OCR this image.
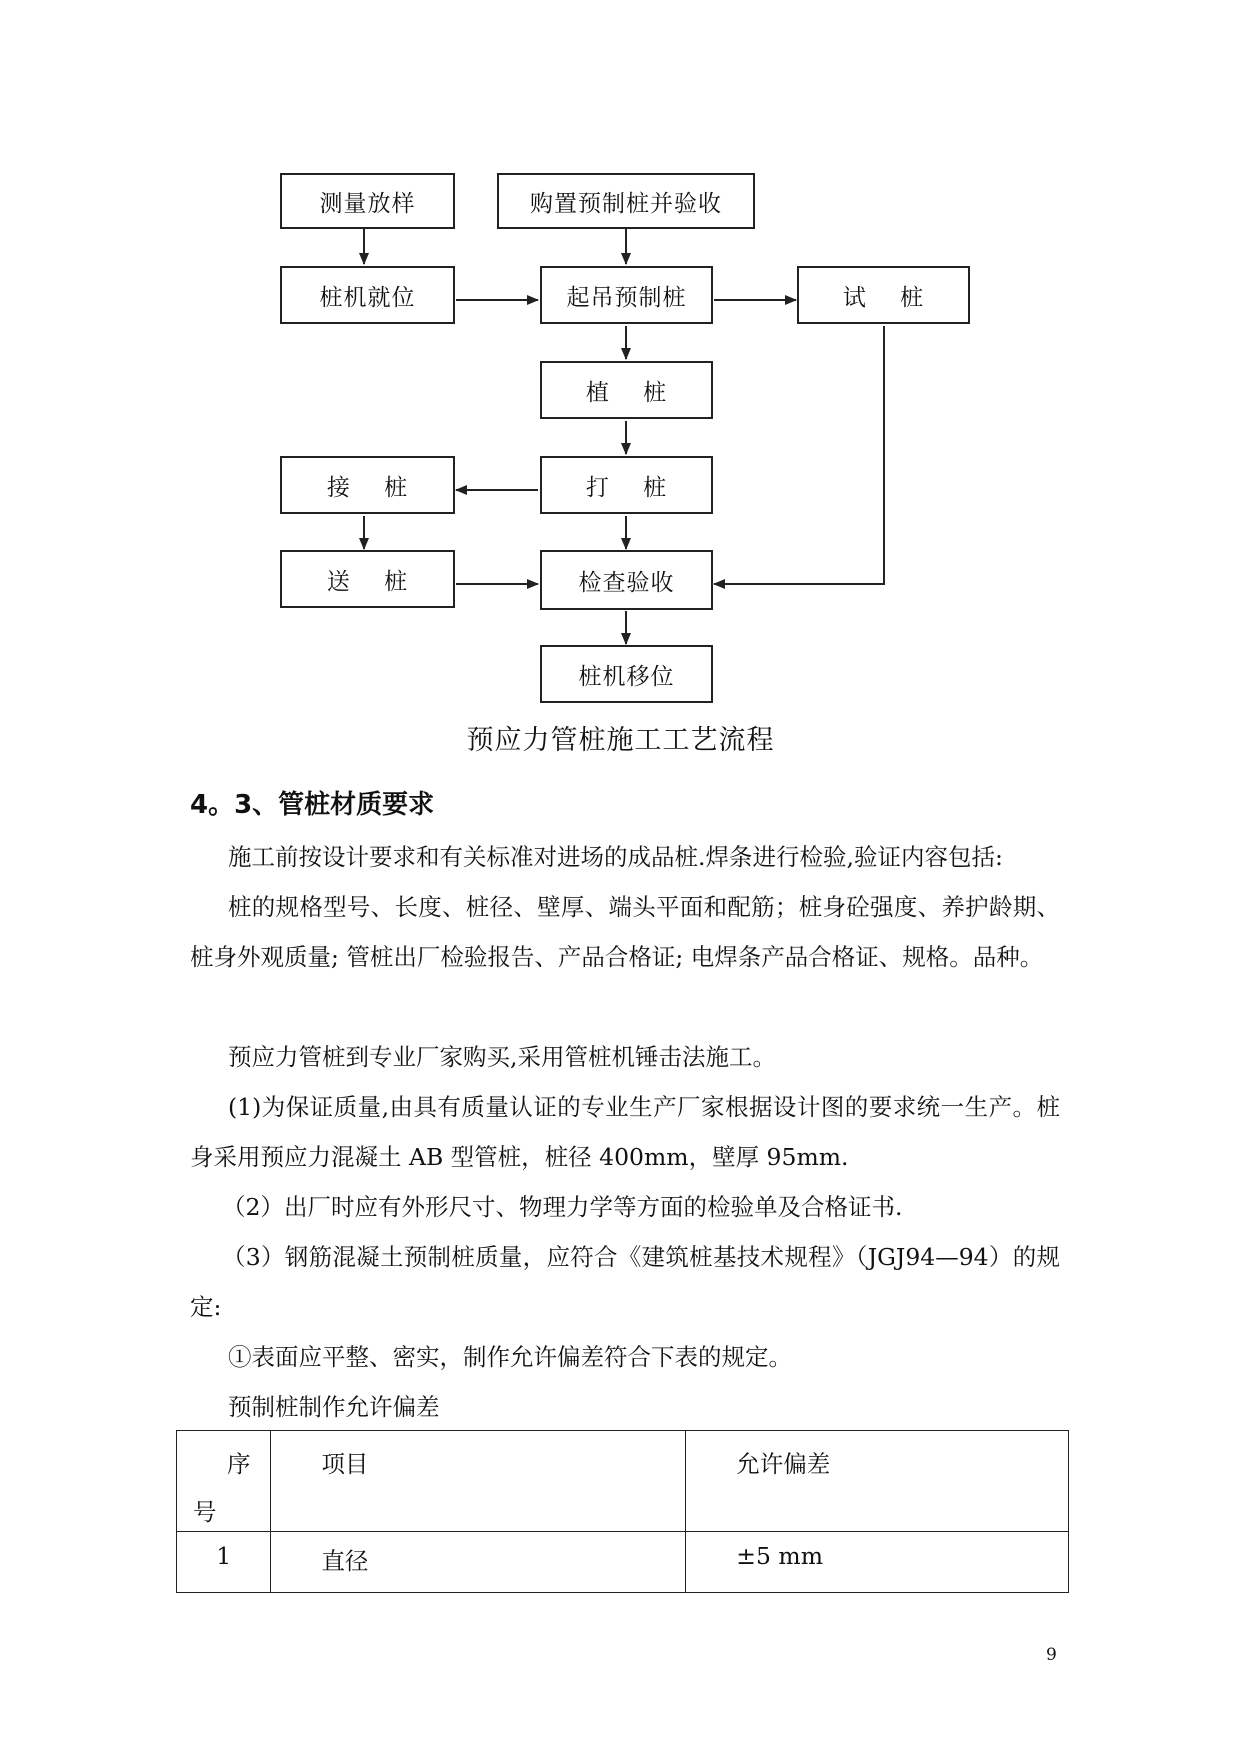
测量放样	购置预制桩并验收
桩机就位	起吊预制桩	试    桩
植    桩
接    桩	打    桩
送    桩	检查验收
桩机移位
预应力管桩施工工艺流程
4。3、管桩材质要求

施工前按设计要求和有关标准对进场的成品桩.焊条进行检验,验证内容包括:

桩的规格型号、长度、桩径、壁厚、端头平面和配筋；桩身砼强度、养护龄期、桩身外观质量; 管桩出厂检验报告、产品合格证; 电焊条产品合格证、规格。品种。

预应力管桩到专业厂家购买,采用管桩机锤击法施工。

(1)为保证质量,由具有质量认证的专业生产厂家根据设计图的要求统一生产。桩身采用预应力混凝土 AB 型管桩，桩径 400mm，壁厚 95mm.

（2）出厂时应有外形尺寸、物理力学等方面的检验单及合格证书.

（3）钢筋混凝土预制桩质量，应符合《建筑桩基技术规程》（JGJ94—94）的规定:

①表面应平整、密实，制作允许偏差符合下表的规定。
预制桩制作允许偏差
序
号	项目	允许偏差
1	直径	±5 mm
9
